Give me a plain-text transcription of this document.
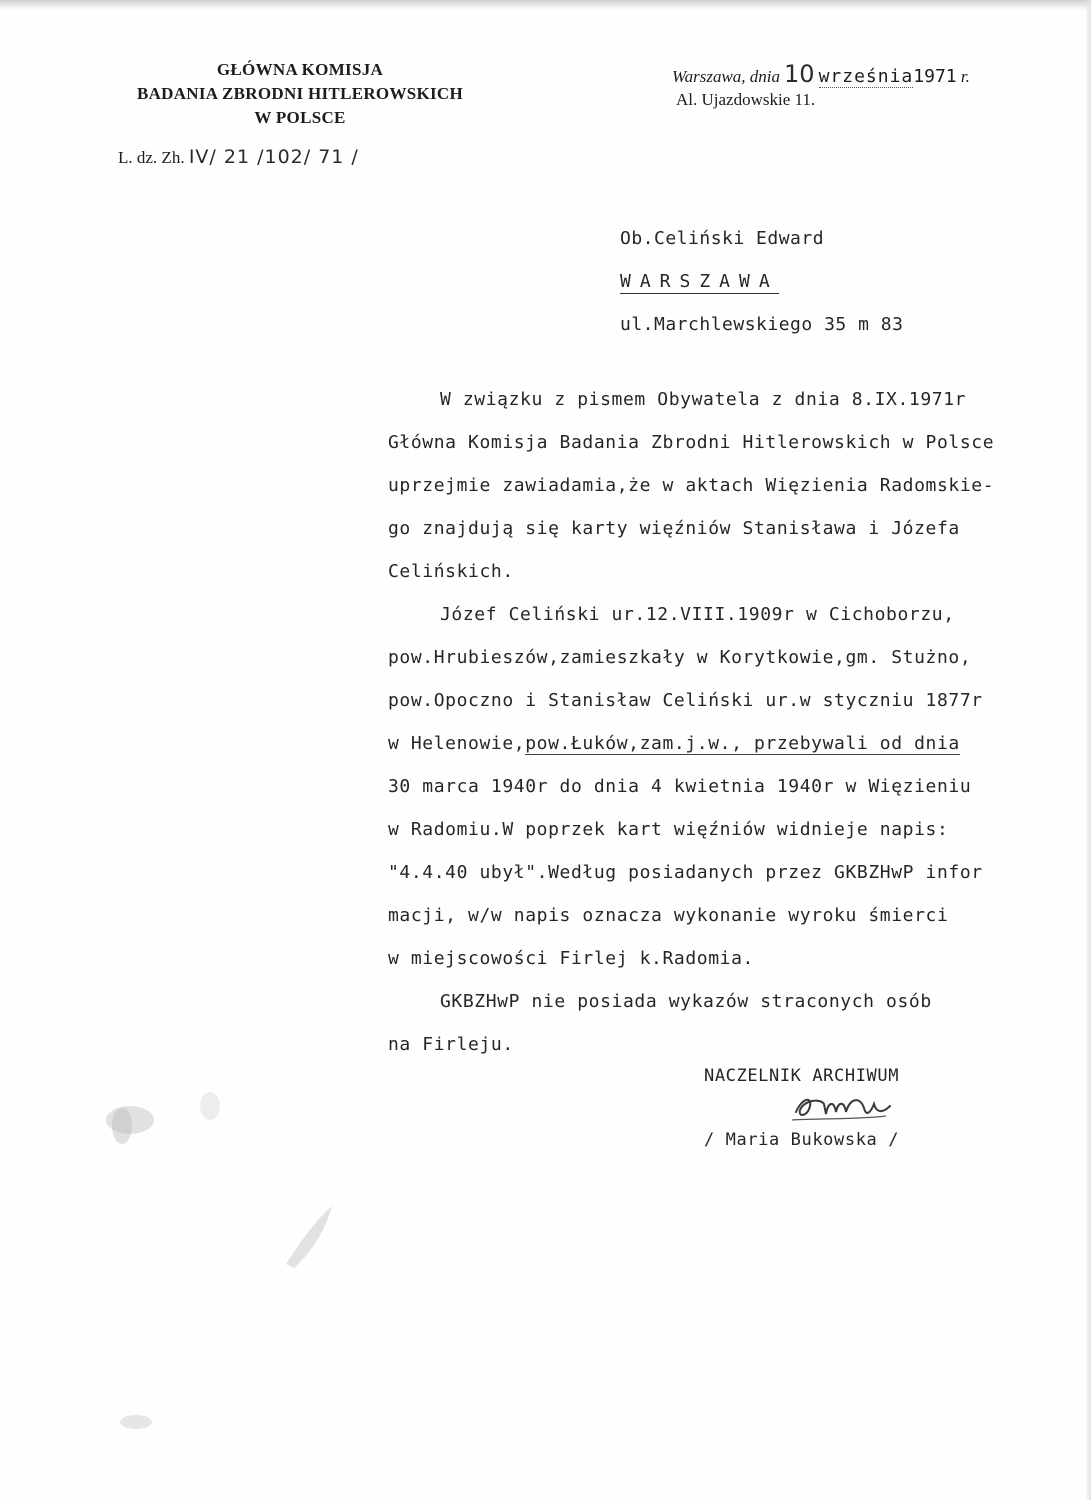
GŁÓWNA KOMISJA
BADANIA ZBRODNI HITLEROWSKICH
W POLSCE
L. dz. Zh. IV/ 21 /102/ 71 /
Warszawa, dnia 10 września1971 r.
Al. Ujazdowskie 11.
Ob.Celiński Edward
WARSZAWA
ul.Marchlewskiego 35 m 83

W związku z pismem Obywatela z dnia 8.IX.1971r
Główna Komisja Badania Zbrodni Hitlerowskich w Polsce
uprzejmie zawiadamia,że w aktach Więzienia Radomskie-
go znajdują się karty więźniów Stanisława i Józefa
Celińskich.

Józef Celiński ur.12.VIII.1909r w Cichoborzu,
pow.Hrubieszów,zamieszkały w Korytkowie,gm. Stużno,
pow.Opoczno i Stanisław Celiński ur.w styczniu 1877r
w Helenowie,pow.Łuków,zam.j.w., przebywali od dnia
30 marca 1940r do dnia 4 kwietnia 1940r w Więzieniu
w Radomiu.W poprzek kart więźniów widnieje napis:
"4.4.40 ubył".Według posiadanych przez GKBZHwP infor
macji, w/w napis oznacza wykonanie wyroku śmierci
w miejscowości Firlej k.Radomia.

GKBZHwP nie posiada wykazów straconych osób
na Firleju.

NACZELNIK ARCHIWUM
/ Maria Bukowska /
